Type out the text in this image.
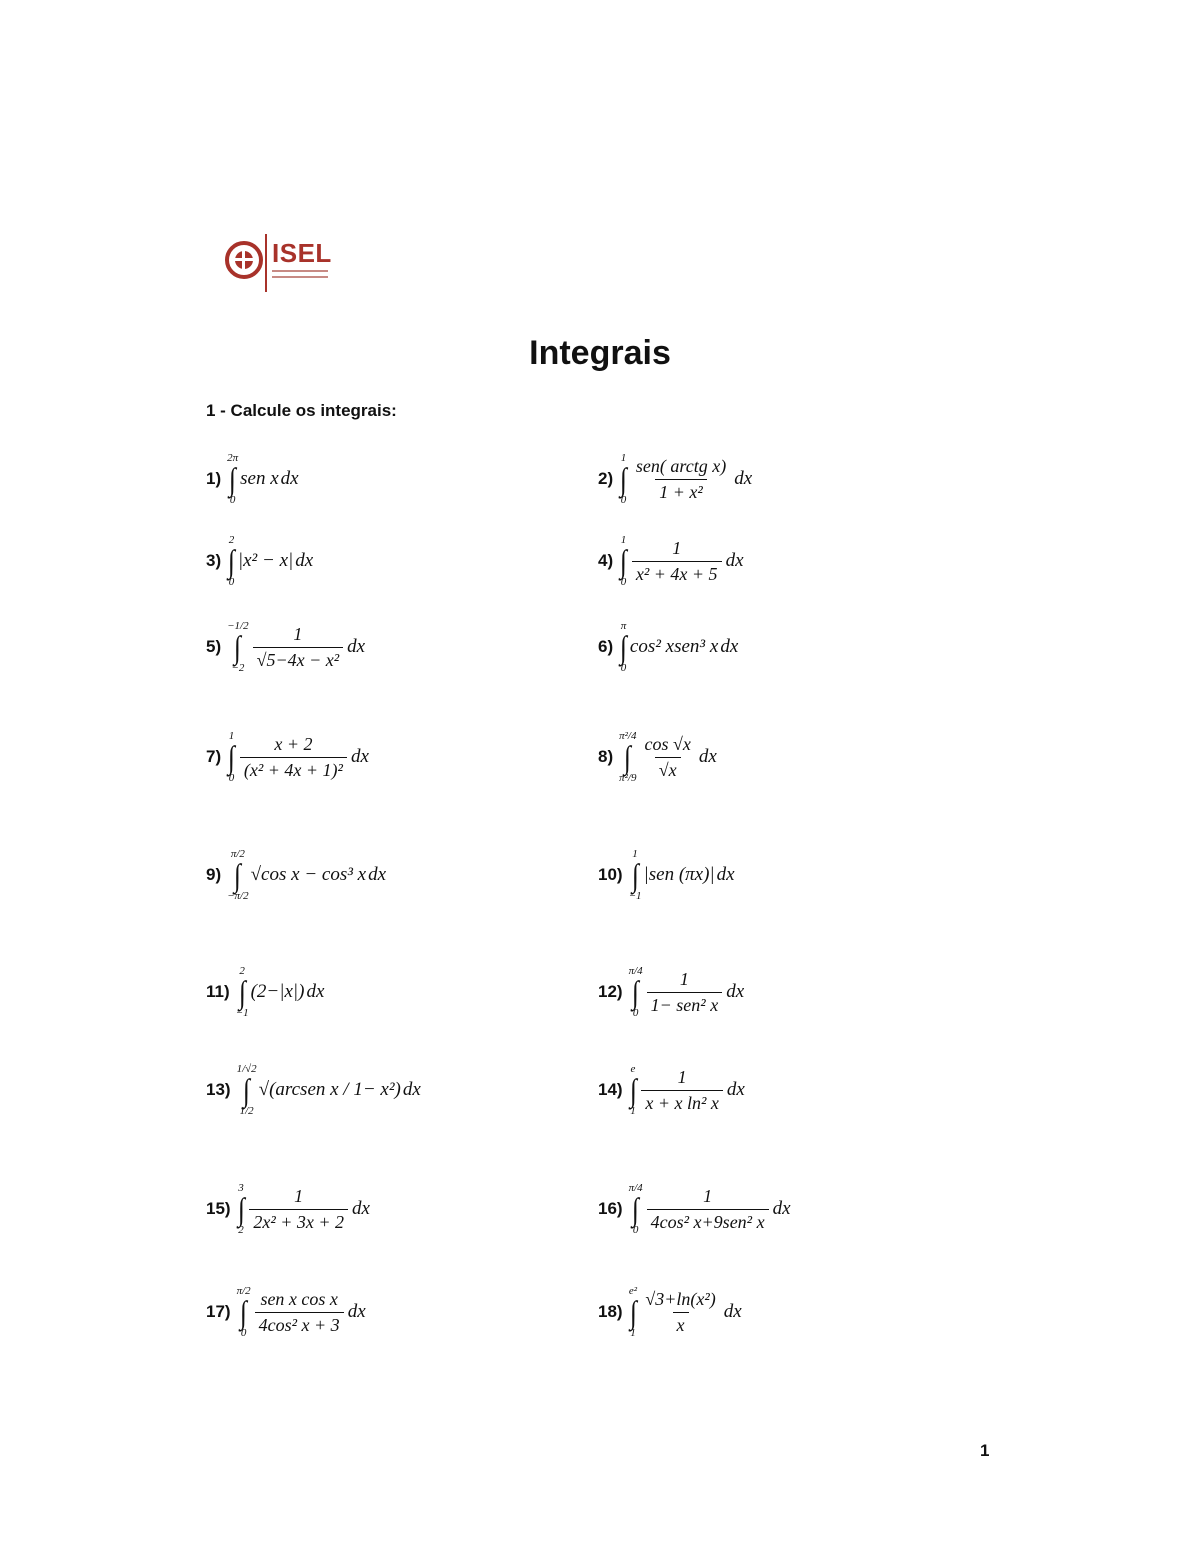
ISEL
Integrais
1 - Calcule os integrais:
1)
2π
∫
0
sen x dx	2)
1
∫
$0 \frac{\text{sen( arctg x)}}{\text{1 + x²}}$ dx
3)
2
∫
0
|x² − x| dx	4)
1
∫
$0 \frac{1}{\text{x² + 4x + 5}}$ dx
5)
−1/2
∫
$-2 \frac{1}{\text{√5−4x − x²}}$ dx	6)
π
∫
0
cos² xsen³ x dx
7)
1
∫
$0 \frac{x + 2}{\text{(x² + 4x + 1)²}}$ dx	8)
π²/4
∫
$\pi^2/9 \frac{\cos √x}{√x}$ dx
9)
π/2
∫
−π/2
√cos x − cos³ x dx	10)
1
∫
−1
|sen (πx)| dx
11)
2
∫
−1
(2−|x|) dx	12)
π/4
∫
$0 \frac{1}{\text{1− sen² x}}$ dx
13)
1/√2
∫
1/2
√(arcsen x / 1− x²) dx	14)
e
∫
$1 \frac{1}{\text{x + x ln² x}}$ dx
15)
3
∫
$2 \frac{1}{\text{2x² + 3x + 2}}$ dx	16)
π/4
∫
$0 \frac{1}{\text{4cos² x+9sen² x}}$ dx
17)
π/2
∫
$0 \frac{\text{sen x cos x}}{\text{4cos² x + 3}}$ dx	18)
e²
∫
$1 \frac{\text{√3+ln(x²)}}{x}$ dx
1
